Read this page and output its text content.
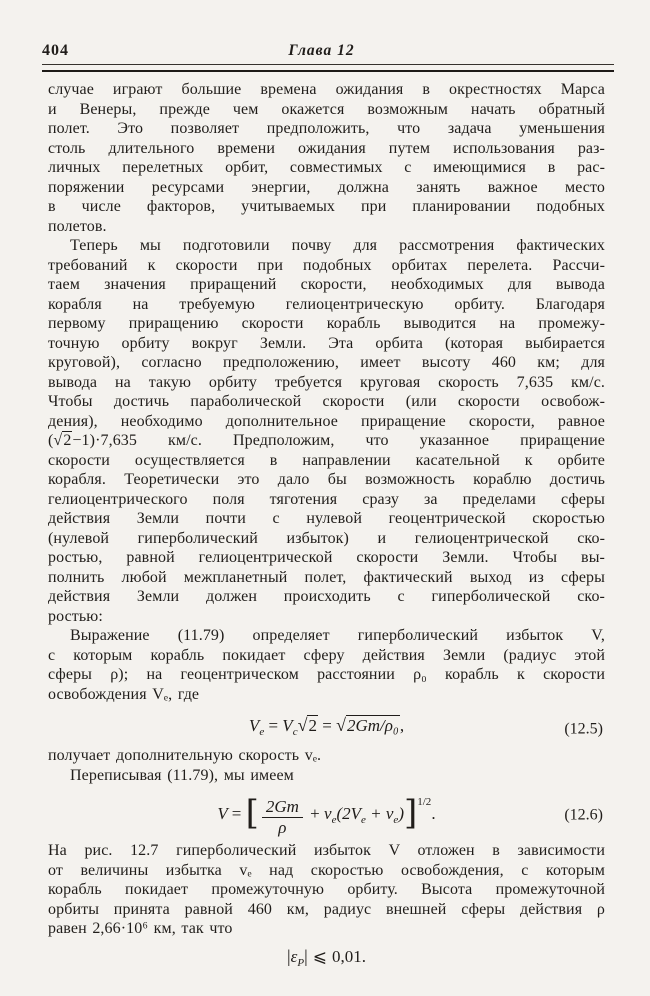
404	Глава 12
случае играют большие времена ожидания в окрестностях Марса
и Венеры, прежде чем окажется возможным начать обратный
полет. Это позволяет предположить, что задача уменьшения
столь длительного времени ожидания путем использования раз-
личных перелетных орбит, совместимых с имеющимися в рас-
поряжении ресурсами энергии, должна занять важное место
в числе факторов, учитываемых при планировании подобных
полетов.
Теперь мы подготовили почву для рассмотрения фактических
требований к скорости при подобных орбитах перелета. Рассчи-
таем значения приращений скорости, необходимых для вывода
корабля на требуемую гелиоцентрическую орбиту. Благодаря
первому приращению скорости корабль выводится на промежу-
точную орбиту вокруг Земли. Эта орбита (которая выбирается
круговой), согласно предположению, имеет высоту 460 км; для
вывода на такую орбиту требуется круговая скорость 7,635 км/с.
Чтобы достичь параболической скорости (или скорости освобож-
дения), необходимо дополнительное приращение скорости, равное
(√2−1)·7,635 км/с. Предположим, что указанное приращение
скорости осуществляется в направлении касательной к орбите
корабля. Теоретически это дало бы возможность кораблю достичь
гелиоцентрического поля тяготения сразу за пределами сферы
действия Земли почти с нулевой геоцентрической скоростью
(нулевой гиперболический избыток) и гелиоцентрической ско-
ростью, равной гелиоцентрической скорости Земли. Чтобы вы-
полнить любой межпланетный полет, фактический выход из сферы
действия Земли должен происходить с гиперболической ско-
ростью:
Выражение (11.79) определяет гиперболический избыток V,
с которым корабль покидает сферу действия Земли (радиус этой
сферы ρ); на геоцентрическом расстоянии ρ₀ корабль к скорости
освобождения Vₑ, где
$V_e = V_c√2 = √2Gm/\rho_0$,	(12.5)
получает дополнительную скорость vₑ.
Переписывая (11.79), мы имеем
V = [ $\frac{2Gm}{\rho} + v_e(2V_e + v_e)]^{1/2}$.	(12.6)
На рис. 12.7 гиперболический избыток V отложен в зависимости
от величины избытка vₑ над скоростью освобождения, с которым
корабль покидает промежуточную орбиту. Высота промежуточной
орбиты принята равной 460 км, радиус внешней сферы действия ρ
равен 2,66·10⁶ км, так что
$|\varepsilon_P|$ ⩽ 0,01.
